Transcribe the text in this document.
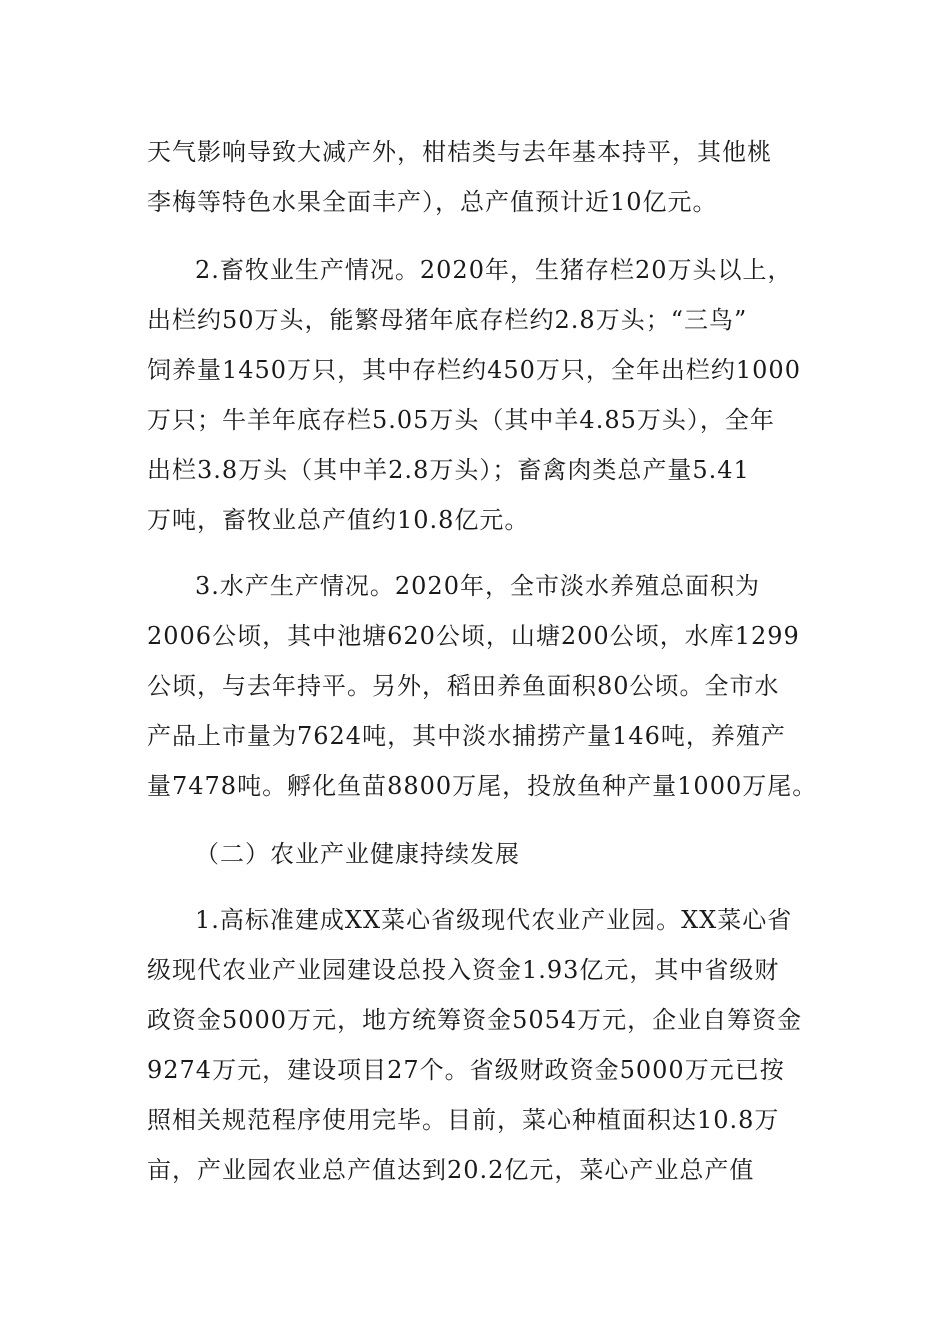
天气影响导致大减产外，柑桔类与去年基本持平，其他桃
李梅等特色水果全面丰产），总产值预计近10亿元。
2.畜牧业生产情况。2020年，生猪存栏20万头以上，
出栏约50万头，能繁母猪年底存栏约2.8万头；“三鸟”
饲养量1450万只，其中存栏约450万只，全年出栏约1000
万只；牛羊年底存栏5.05万头（其中羊4.85万头），全年
出栏3.8万头（其中羊2.8万头）；畜禽肉类总产量5.41
万吨，畜牧业总产值约10.8亿元。
3.水产生产情况。2020年，全市淡水养殖总面积为
2006公顷，其中池塘620公顷，山塘200公顷，水库1299
公顷，与去年持平。另外，稻田养鱼面积80公顷。全市水
产品上市量为7624吨，其中淡水捕捞产量146吨，养殖产
量7478吨。孵化鱼苗8800万尾，投放鱼种产量1000万尾。
（二）农业产业健康持续发展
1.高标准建成XX菜心省级现代农业产业园。XX菜心省
级现代农业产业园建设总投入资金1.93亿元，其中省级财
政资金5000万元，地方统筹资金5054万元，企业自筹资金
9274万元，建设项目27个。省级财政资金5000万元已按
照相关规范程序使用完毕。目前，菜心种植面积达10.8万
亩，产业园农业总产值达到20.2亿元，菜心产业总产值
